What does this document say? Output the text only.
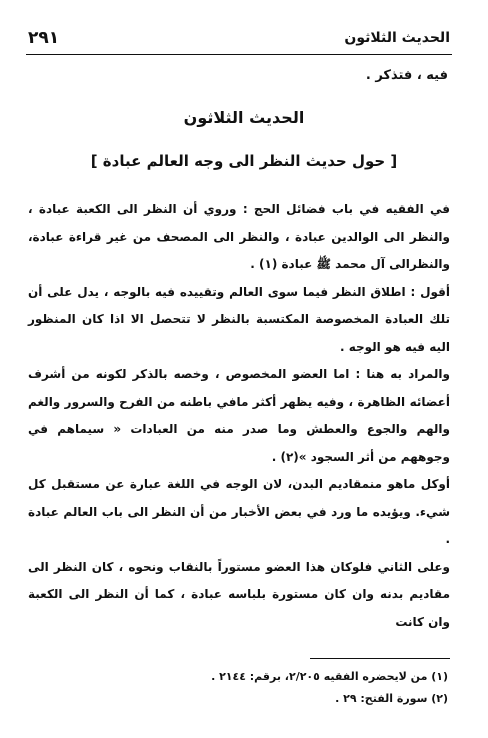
٢٩١	الحديث الثلاثون
فيه ، فتذكر .
الحديث الثلاثون
[ حول حديث النظر الى وجه العالم عبادة ]

في الفقيه في باب فضائل الحج : وروي أن النظر الى الكعبة عبادة ، والنظر الى الوالدين عبادة ، والنظر الى المصحف من غير قراءة عبادة، والنظرالى آل محمد ﷺ عبادة (١) .

أقول : اطلاق النظر فيما سوى العالم وتقييده فيه بالوجه ، يدل على أن تلك العبادة المخصوصة المكتسبة بالنظر لا تتحصل الا اذا كان المنظور اليه فيه هو الوجه .

والمراد به هنا : اما العضو المخصوص ، وخصه بالذكر لكونه من أشرف أعضائه الظاهرة ، وفيه يظهر أكثر مافي باطنه من الفرح والسرور والغم والهم والجوع والعطش وما صدر منه من العبادات « سيماهم في وجوههم من أثر السجود »(٢) .

أوكل ماهو منمقاديم البدن، لان الوجه في اللغة عبارة عن مستقبل كل شيء. ويؤيده ما ورد في بعض الأخبار من أن النظر الى باب العالم عبادة .

وعلى الثاني فلوكان هذا العضو مستوراً بالنقاب ونحوه ، كان النظر الى مقاديم بدنه وان كان مستورة بلباسه عبادة ، كما أن النظر الى الكعبة وان كانت

(١) من لايحضره الفقيه ٢/٢٠٥، برقم: ٢١٤٤ .
(٢) سورة الفتح: ٢٩ .
